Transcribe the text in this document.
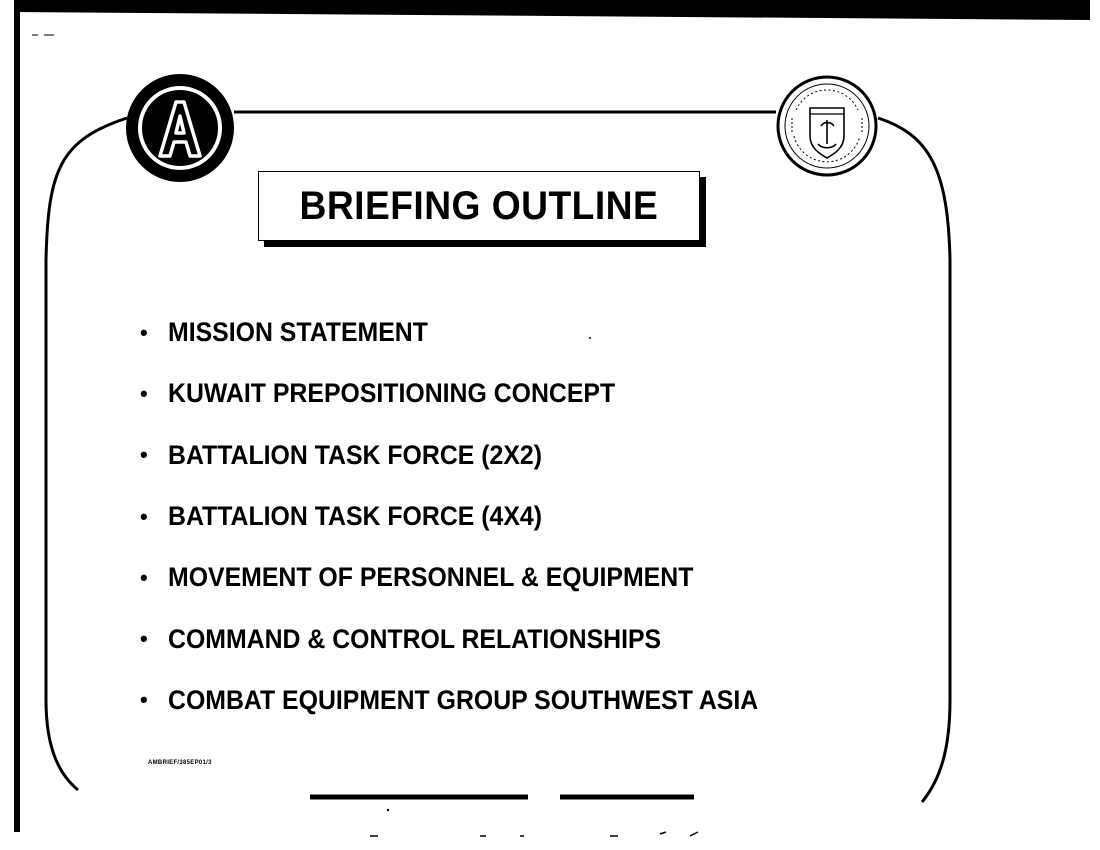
BRIEFING OUTLINE
• MISSION STATEMENT
• KUWAIT PREPOSITIONING CONCEPT
• BATTALION TASK FORCE (2X2)
• BATTALION TASK FORCE (4X4)
• MOVEMENT OF PERSONNEL & EQUIPMENT
• COMMAND & CONTROL RELATIONSHIPS
• COMBAT EQUIPMENT GROUP SOUTHWEST ASIA
AMBRIEF/385EP01/3
